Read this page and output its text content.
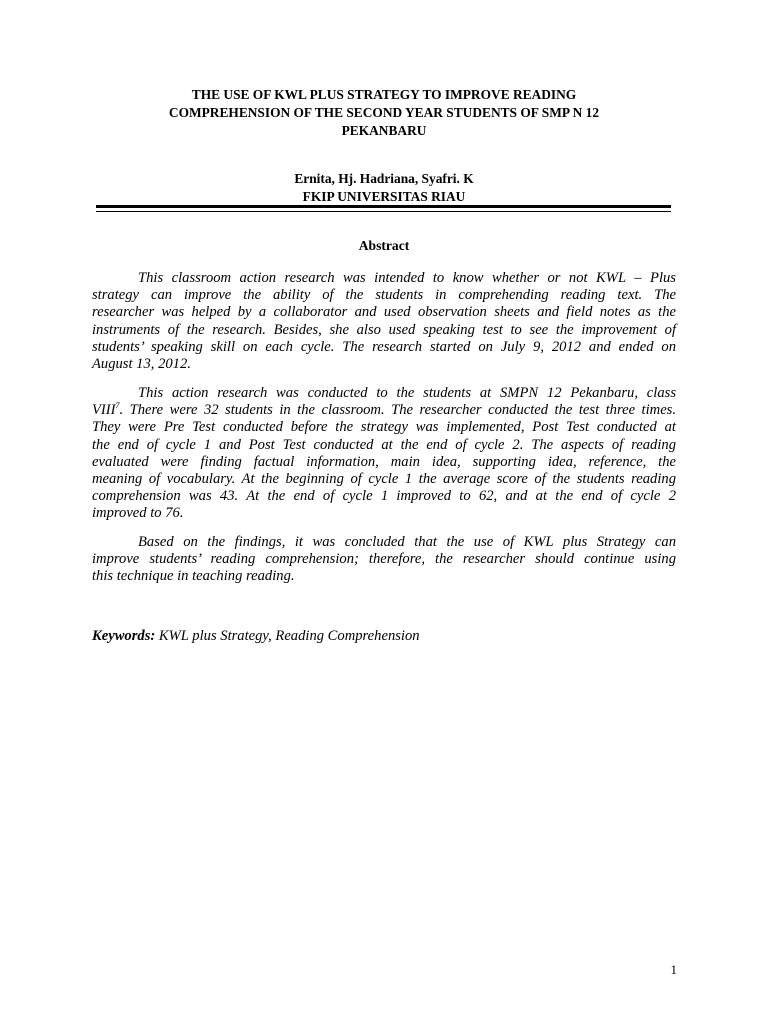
THE USE OF KWL PLUS STRATEGY TO IMPROVE READING
COMPREHENSION OF THE SECOND YEAR STUDENTS OF SMP N 12
PEKANBARU
Ernita, Hj. Hadriana, Syafri. K
FKIP UNIVERSITAS RIAU
Abstract

This classroom action research was intended to know whether or not KWL – Plus
strategy can improve the ability of the students in comprehending reading text. The
researcher was helped by a collaborator and used observation sheets and field notes as the
instruments of the research. Besides, she also used speaking test to see the improvement of
students’ speaking skill on each cycle. The research started on July 9, 2012 and ended on
August 13, 2012.

This action research was conducted to the students at SMPN 12 Pekanbaru, class
VIII$^7$. There were 32 students in the classroom. The researcher conducted the test three times.
They were Pre Test conducted before the strategy was implemented, Post Test conducted at
the end of cycle 1 and Post Test conducted at the end of cycle 2. The aspects of reading
evaluated were finding factual information, main idea, supporting idea, reference, the
meaning of vocabulary. At the beginning of cycle 1 the average score of the students reading
comprehension was 43. At the end of cycle 1 improved to 62, and at the end of cycle 2
improved to 76.

Based on the findings, it was concluded that the use of KWL plus Strategy can
improve students’ reading comprehension; therefore, the researcher should continue using
this technique in teaching reading.

Keywords: KWL plus Strategy, Reading Comprehension
1
